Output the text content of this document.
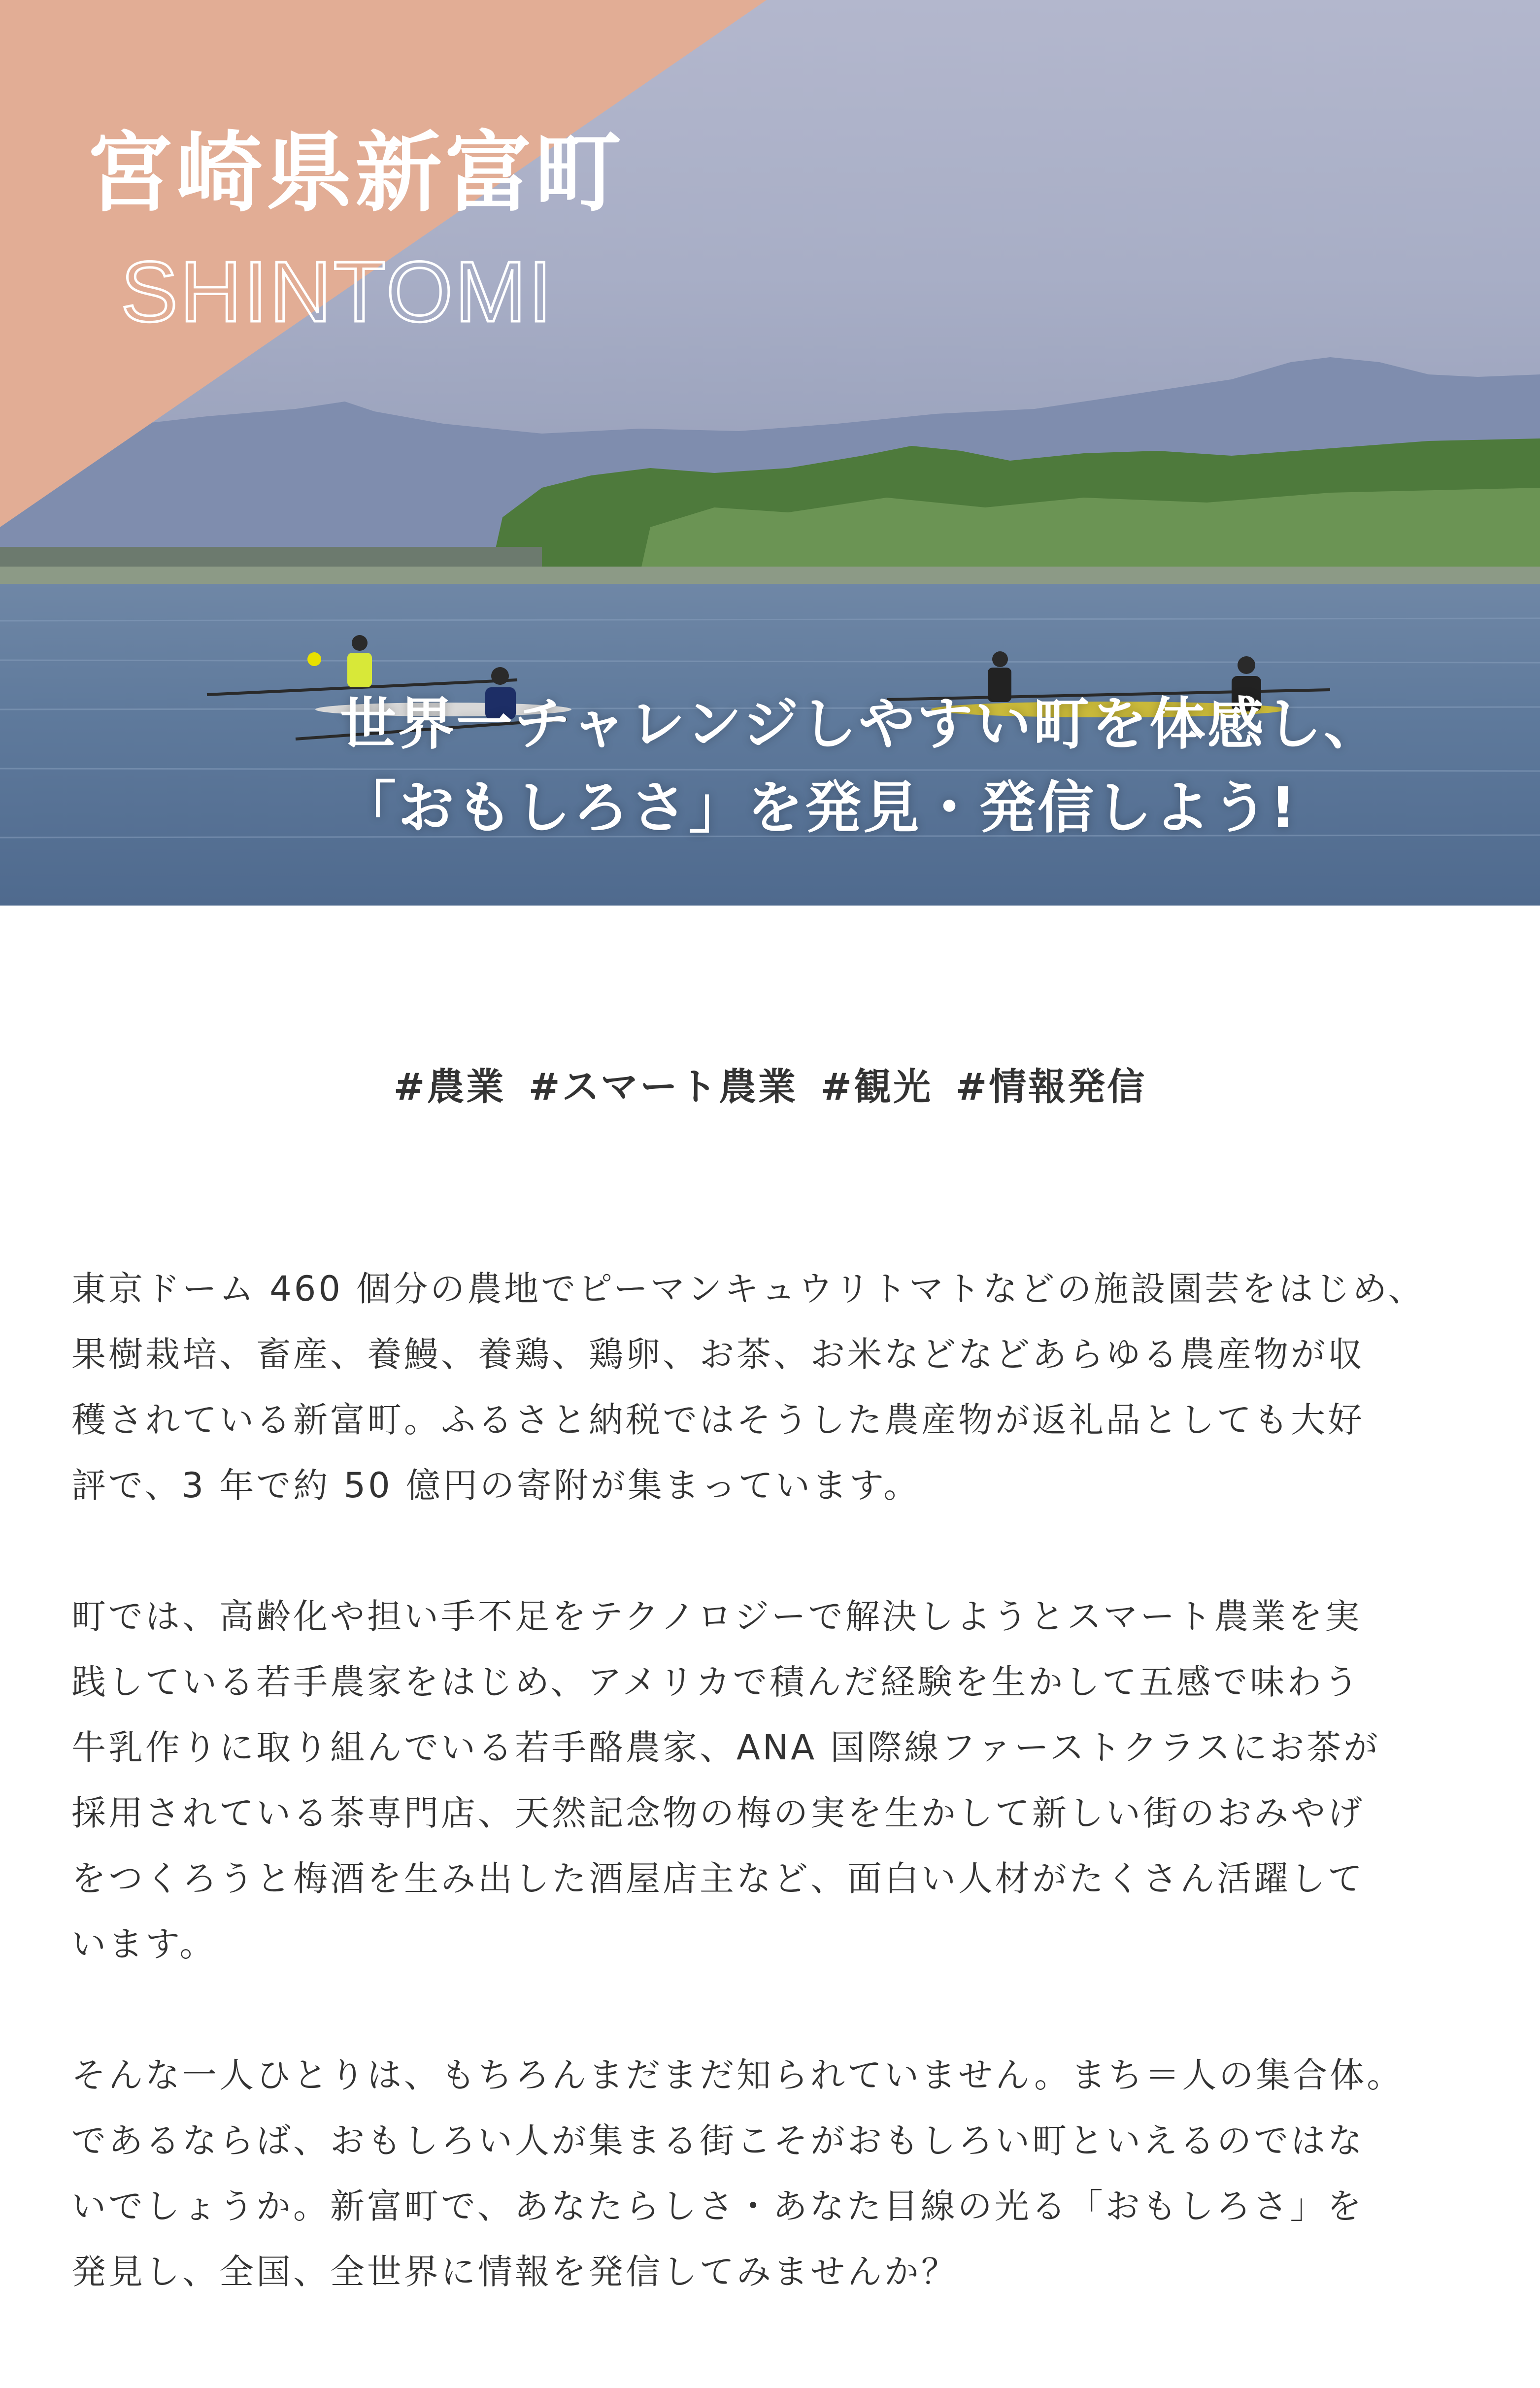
宮崎県新富町

SHINTOMI

世界一チャレンジしやすい町を体感し、
「おもしろさ」を発見・発信しよう!
#農業 #スマート農業 #観光 #情報発信

東京ドーム 460 個分の農地でピーマンキュウリトマトなどの施設園芸をはじめ、
果樹栽培、畜産、養鰻、養鶏、鶏卵、お茶、お米などなどあらゆる農産物が収
穫されている新富町。ふるさと納税ではそうした農産物が返礼品としても大好
評で、3 年で約 50 億円の寄附が集まっています。

町では、高齢化や担い手不足をテクノロジーで解決しようとスマート農業を実
践している若手農家をはじめ、アメリカで積んだ経験を生かして五感で味わう
牛乳作りに取り組んでいる若手酪農家、ANA 国際線ファーストクラスにお茶が
採用されている茶専門店、天然記念物の梅の実を生かして新しい街のおみやげ
をつくろうと梅酒を生み出した酒屋店主など、面白い人材がたくさん活躍して
います。

そんな一人ひとりは、もちろんまだまだ知られていません。まち＝人の集合体。
であるならば、おもしろい人が集まる街こそがおもしろい町といえるのではな
いでしょうか。新富町で、あなたらしさ・あなた目線の光る「おもしろさ」を
発見し、全国、全世界に情報を発信してみませんか？
